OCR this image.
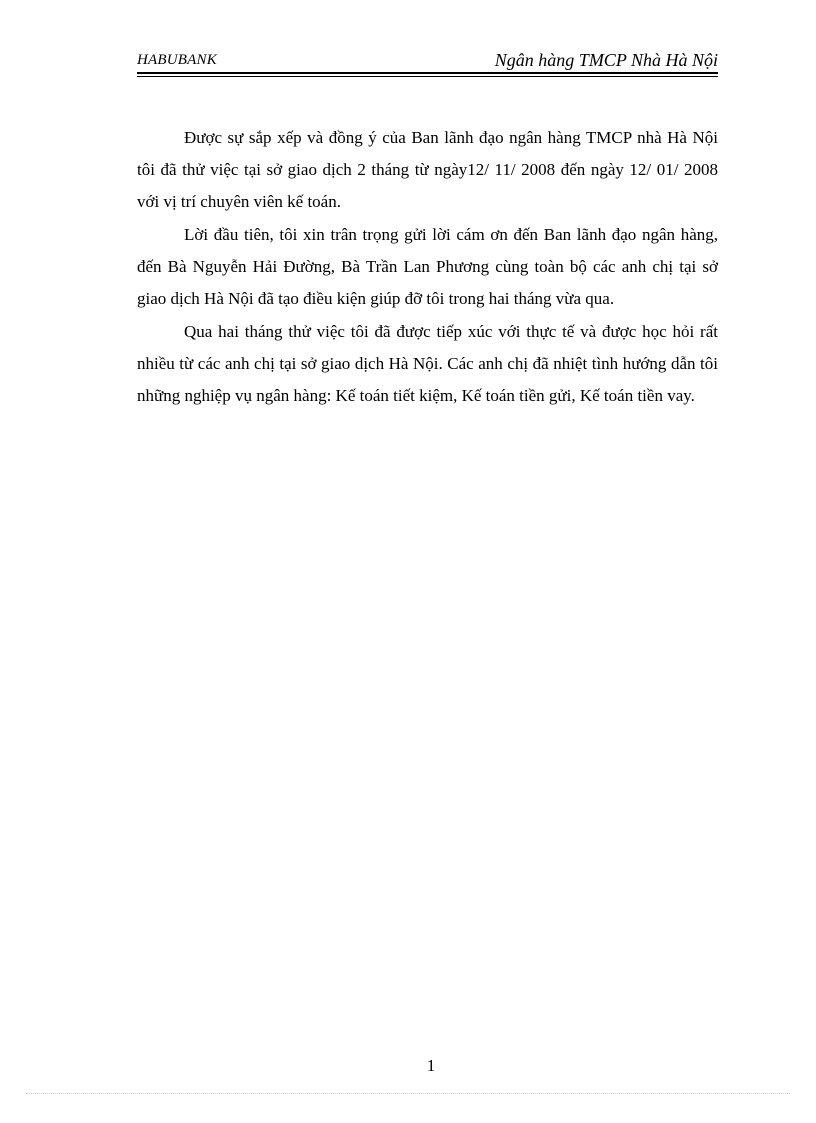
HABUBANK	Ngân hàng TMCP Nhà Hà Nội

Được sự sắp xếp và đồng ý của Ban lãnh đạo ngân hàng TMCP nhà Hà Nội tôi đã thử việc tại sở giao dịch 2 tháng từ ngày12/ 11/ 2008 đến ngày 12/ 01/ 2008 với vị trí chuyên viên kế toán.

Lời đầu tiên, tôi xin trân trọng gửi lời cám ơn đến Ban lãnh đạo ngân hàng, đến Bà Nguyễn Hải Đường, Bà Trần Lan Phương cùng toàn bộ các anh chị tại sở giao dịch Hà Nội đã tạo điều kiện giúp đỡ tôi trong hai tháng vừa qua.

Qua hai tháng thử việc tôi đã được tiếp xúc với thực tế và được học hỏi rất nhiều từ các anh chị tại sở giao dịch Hà Nội. Các anh chị đã nhiệt tình hướng dẫn tôi những nghiệp vụ ngân hàng: Kế toán tiết kiệm, Kế toán tiền gửi, Kế toán tiền vay.

1
